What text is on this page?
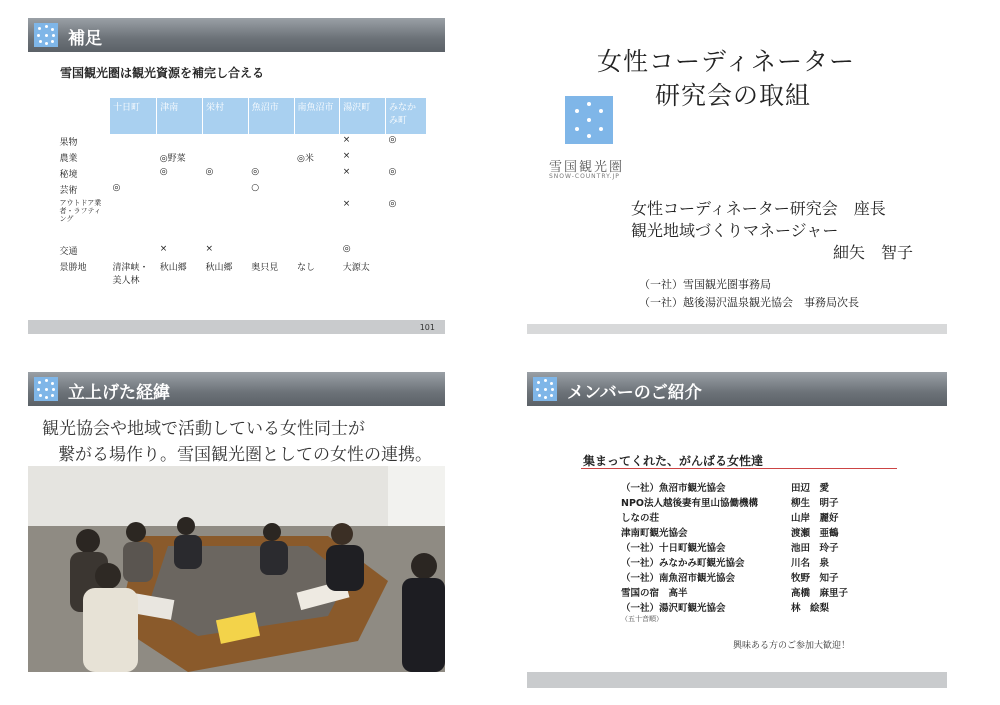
補足
雪国観光圏は観光資源を補完し合える
	十日町	津南	栄村	魚沼市	南魚沼市	湯沢町	みなかみ町
果物						×	◎
農業		◎野菜			◎米	×	
秘境		◎	◎	◎		×	◎
芸術	◎			○			
アウトドア業者・ラフティング						×	◎
交通		×	×			◎	
景勝地	清津峡・美人林	秋山郷	秋山郷	奥只見	なし	大源太	
101
女性コーディネーター
研究会の取組
雪国観光圏
SNOW-COUNTRY.JP
女性コーディネーター研究会　座長
観光地域づくりマネージャー
細矢　智子
（一社）雪国観光圏事務局
（一社）越後湯沢温泉観光協会　事務局次長
立上げた経緯
観光協会や地域で活動している女性同士が
繋がる場作り。雪国観光圏としての女性の連携。
メンバーのご紹介
集まってくれた、がんばる女性達
（一社）魚沼市観光協会	田辺　愛
NPO法人越後妻有里山協働機構	柳生　明子
しなの荘	山岸　麗好
津南町観光協会	渡瀬　亜鶴
（一社）十日町観光協会	池田　玲子
（一社）みなかみ町観光協会	川名　泉
（一社）南魚沼市観光協会	牧野　知子
雪国の宿　高半	高橋　麻里子
（一社）湯沢町観光協会	林　絵梨
（五十音順）
興味ある方のご参加大歓迎！
